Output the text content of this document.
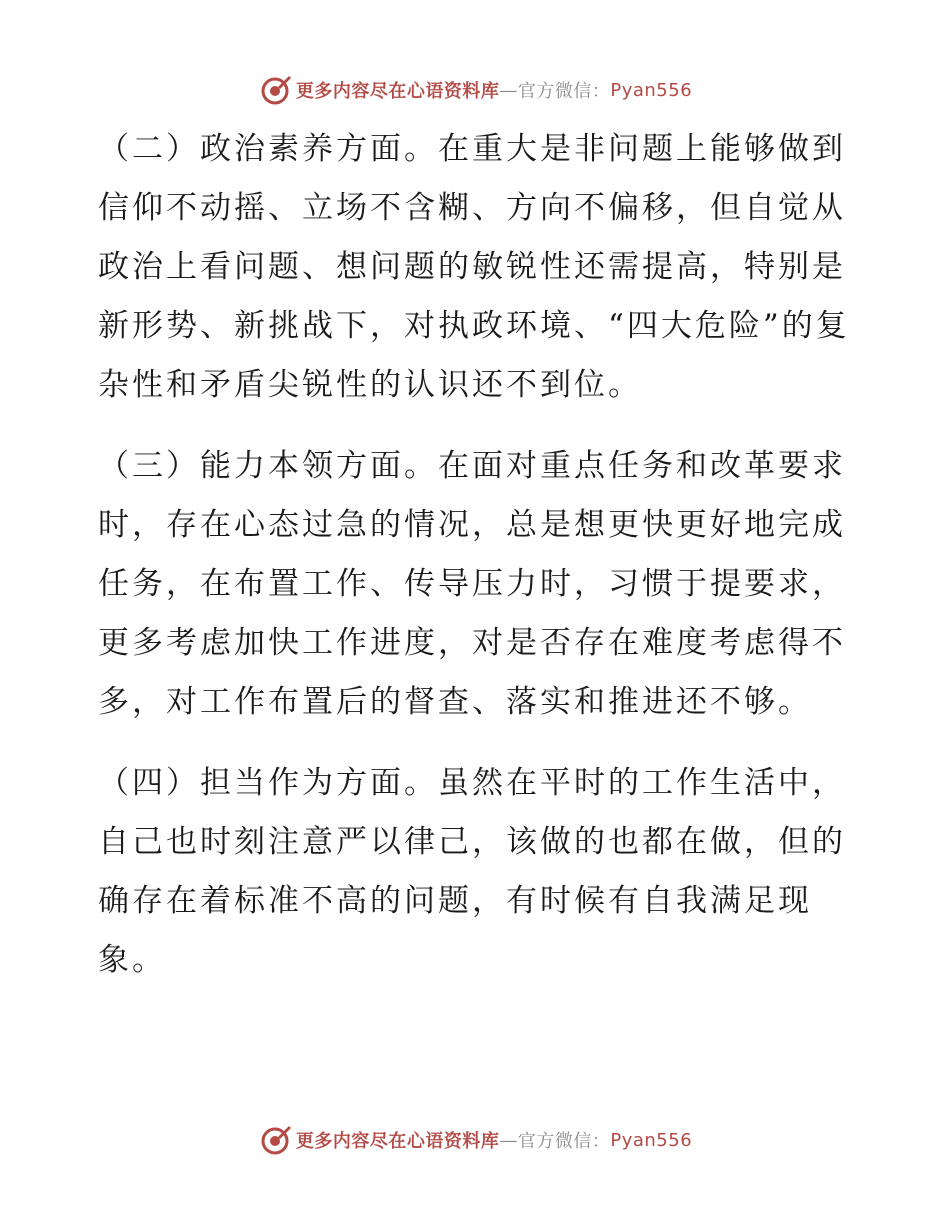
更多内容尽在心语资料库 — 官方微信： Pyan556

（二）政治素养方面。在重大是非问题上能够做到信仰不动摇、立场不含糊、方向不偏移，但自觉从政治上看问题、想问题的敏锐性还需提高，特别是新形势、新挑战下，对执政环境、“四大危险”的复杂性和矛盾尖锐性的认识还不到位。

（三）能力本领方面。在面对重点任务和改革要求时，存在心态过急的情况，总是想更快更好地完成任务，在布置工作、传导压力时，习惯于提要求，更多考虑加快工作进度，对是否存在难度考虑得不多，对工作布置后的督查、落实和推进还不够。

（四）担当作为方面。虽然在平时的工作生活中，自己也时刻注意严以律己，该做的也都在做，但的确存在着标准不高的问题，有时候有自我满足现象。

更多内容尽在心语资料库 — 官方微信： Pyan556
